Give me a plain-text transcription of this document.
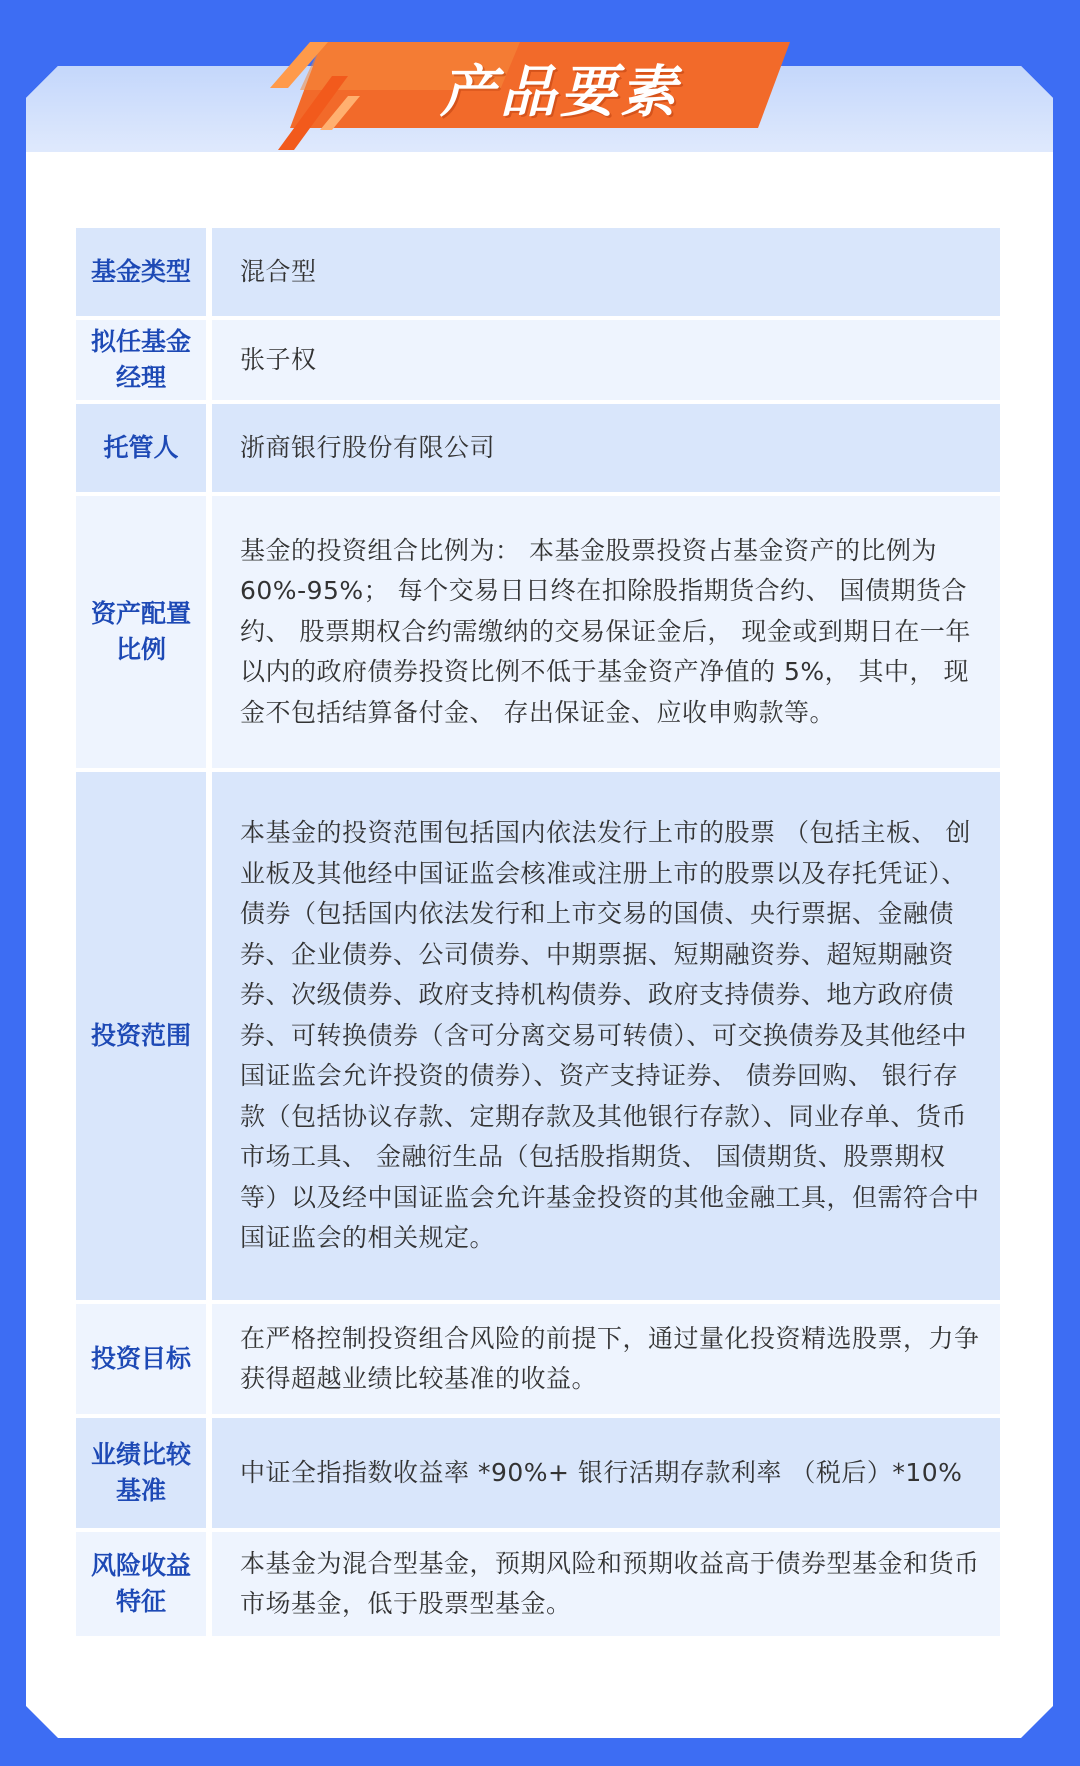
产品要素
基金类型	混合型
拟任基金经理
张子权
托管人	浙商银行股份有限公司
资产配置比例
基金的投资组合比例为： 本基金股票投资占基金资产的比例为 60%-95%； 每个交易日日终在扣除股指期货合约、 国债期货合约、 股票期权合约需缴纳的交易保证金后， 现金或到期日在一年以内的政府债券投资比例不低于基金资产净值的 5%， 其中， 现金不包括结算备付金、 存出保证金、应收申购款等。
投资范围
本基金的投资范围包括国内依法发行上市的股票 （包括主板、 创业板及其他经中国证监会核准或注册上市的股票以及存托凭证）、 债券（包括国内依法发行和上市交易的国债、央行票据、金融债券、企业债券、公司债券、中期票据、短期融资券、超短期融资券、次级债券、政府支持机构债券、政府支持债券、地方政府债券、可转换债券（含可分离交易可转债）、可交换债券及其他经中国证监会允许投资的债券）、资产支持证券、 债券回购、 银行存款（包括协议存款、定期存款及其他银行存款）、同业存单、货币市场工具、 金融衍生品（包括股指期货、 国债期货、股票期权等）以及经中国证监会允许基金投资的其他金融工具，但需符合中国证监会的相关规定。
投资目标
在严格控制投资组合风险的前提下，通过量化投资精选股票，力争获得超越业绩比较基准的收益。
业绩比较基准
中证全指指数收益率 *90%+ 银行活期存款利率 （税后）*10%
风险收益特征
本基金为混合型基金，预期风险和预期收益高于债券型基金和货币市场基金，低于股票型基金。
